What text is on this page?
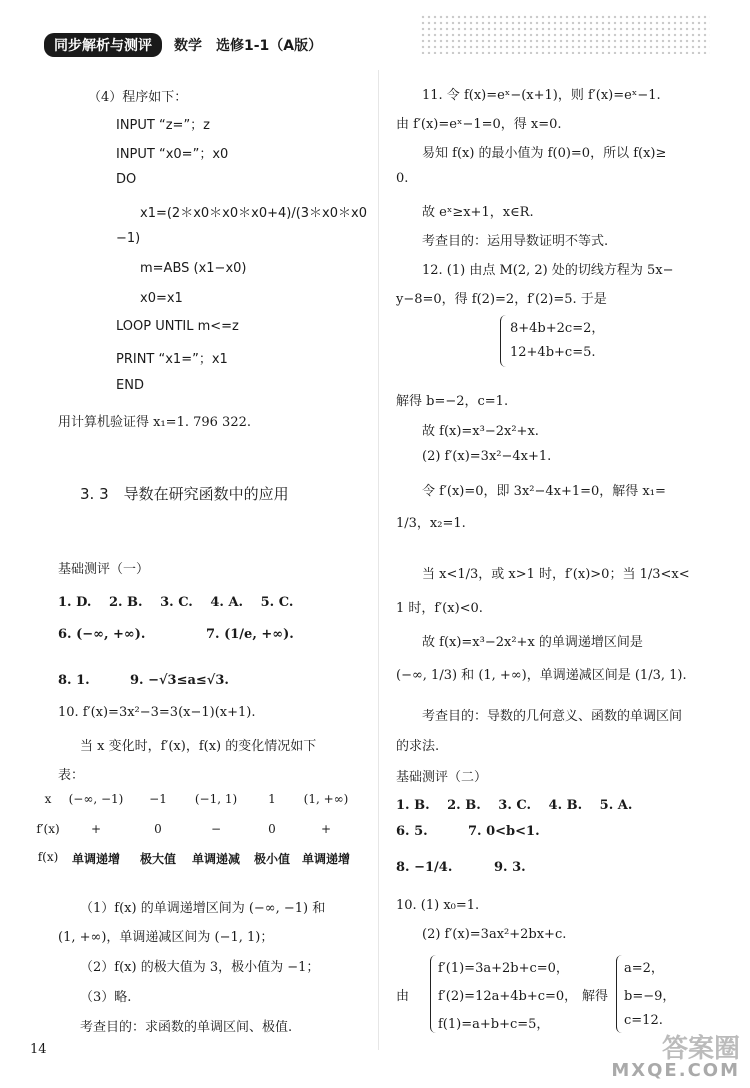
同步解析与测评	数学 选修1-1（A版）
（4）程序如下：
INPUT “z=”；z
INPUT “x0=”；x0
DO
x1=(2＊x0＊x0＊x0+4)/(3＊x0＊x0
−1)
m=ABS (x1−x0)
x0=x1
LOOP UNTIL m<=z
PRINT “x1=”；x1
END
用计算机验证得 x₁=1. 796 322.
3. 3　导数在研究函数中的应用
基础测评（一）
1. D.　 2. B.　 3. C.　 4. A.　 5. C.
6. (−∞, +∞).	7. (1/e, +∞).
8. 1.	9. −√3≤a≤√3.
10. f′(x)=3x²−3=3(x−1)(x+1).
当 x 变化时，f′(x)，f(x) 的变化情况如下
表：
x	(−∞, −1)	−1	(−1, 1)	1	(1, +∞)
f′(x)	+	0	−	0	+
f(x)	单调递增	极大值	单调递减	极小值 单调递增
（1）f(x) 的单调递增区间为 (−∞, −1) 和
(1, +∞)，单调递减区间为 (−1, 1)；
（2）f(x) 的极大值为 3，极小值为 −1；
（3）略.
考查目的：求函数的单调区间、极值.
11. 令 f(x)=eˣ−(x+1)，则 f′(x)=eˣ−1.
由 f′(x)=eˣ−1=0，得 x=0.
易知 f(x) 的最小值为 f(0)=0，所以 f(x)≥
0.
故 eˣ≥x+1，x∈R.
考查目的：运用导数证明不等式.
12. (1) 由点 M(2, 2) 处的切线方程为 5x−
y−8=0，得 f(2)=2，f′(2)=5. 于是
8+4b+2c=2，
12+4b+c=5.
解得 b=−2，c=1.
故 f(x)=x³−2x²+x.
(2) f′(x)=3x²−4x+1.
令 f′(x)=0，即 3x²−4x+1=0，解得 x₁=
1/3，x₂=1.
当 x<1/3，或 x>1 时，f′(x)>0；当 1/3<x<
1 时，f′(x)<0.
故 f(x)=x³−2x²+x 的单调递增区间是
(−∞, 1/3) 和 (1, +∞)，单调递减区间是 (1/3, 1).
考查目的：导数的几何意义、函数的单调区间
的求法.
基础测评（二）
1. B.　 2. B.　 3. C.　 4. B.　 5. A.
6. 5.	7. 0<b<1.
8. −1/4.	9. 3.
10. (1) x₀=1.
(2) f′(x)=3ax²+2bx+c.
由
f′(1)=3a+2b+c=0，
f′(2)=12a+4b+c=0，
f(1)=a+b+c=5，
解得
a=2，
b=−9，
c=12.
14	答案圈
MXQE.COM
